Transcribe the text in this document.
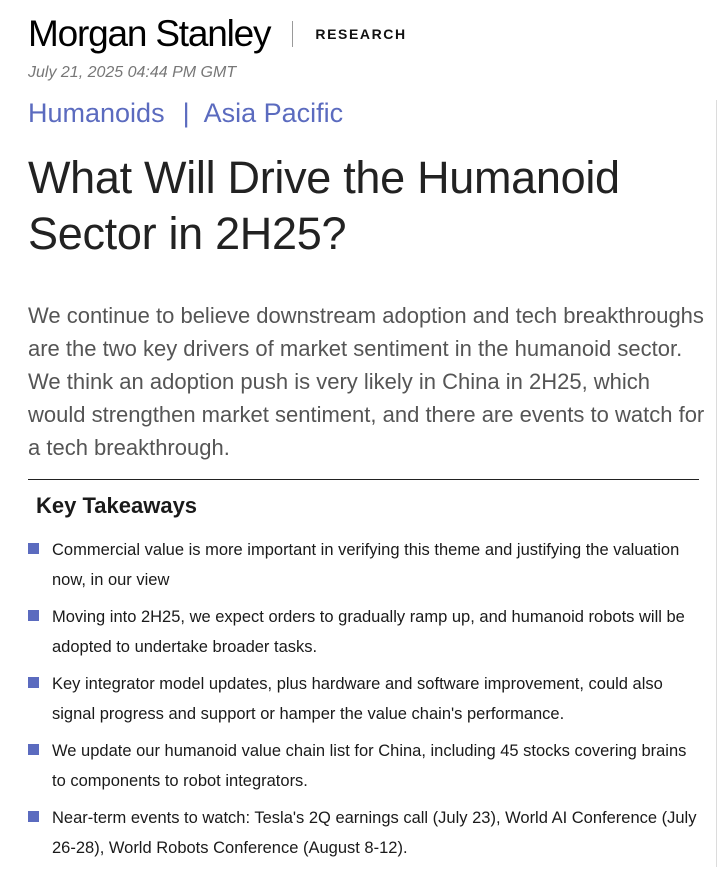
Morgan Stanley	RESEARCH
July 21, 2025 04:44 PM GMT
Humanoids | Asia Pacific
What Will Drive the Humanoid Sector in 2H25?

We continue to believe downstream adoption and tech breakthroughs are the two key drivers of market sentiment in the humanoid sector. We think an adoption push is very likely in China in 2H25, which would strengthen market sentiment, and there are events to watch for a tech breakthrough.

Key Takeaways
Commercial value is more important in verifying this theme and justifying the valuation now, in our view
Moving into 2H25, we expect orders to gradually ramp up, and humanoid robots will be adopted to undertake broader tasks.
Key integrator model updates, plus hardware and software improvement, could also signal progress and support or hamper the value chain's performance.
We update our humanoid value chain list for China, including 45 stocks covering brains to components to robot integrators.
Near-term events to watch: Tesla's 2Q earnings call (July 23), World AI Conference (July 26-28), World Robots Conference (August 8-12).
